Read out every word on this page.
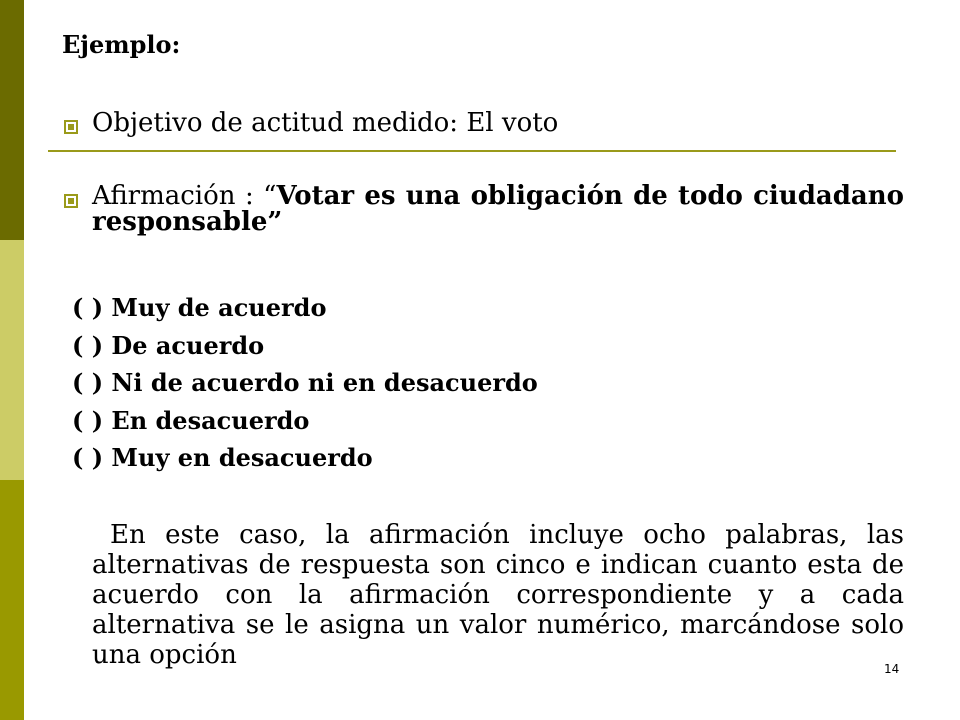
Ejemplo:
Objetivo de actitud medido: El voto
Afirmación : “Votar es una obligación de todo ciudadano responsable”
( ) Muy de acuerdo
( ) De acuerdo
( ) Ni de acuerdo ni en desacuerdo
( ) En desacuerdo
( ) Muy en desacuerdo
En este caso, la afirmación incluye ocho palabras, las alternativas de respuesta son cinco e indican cuanto esta de acuerdo con la afirmación correspondiente y a cada alternativa se le asigna un valor numérico, marcándose solo una opción	14
